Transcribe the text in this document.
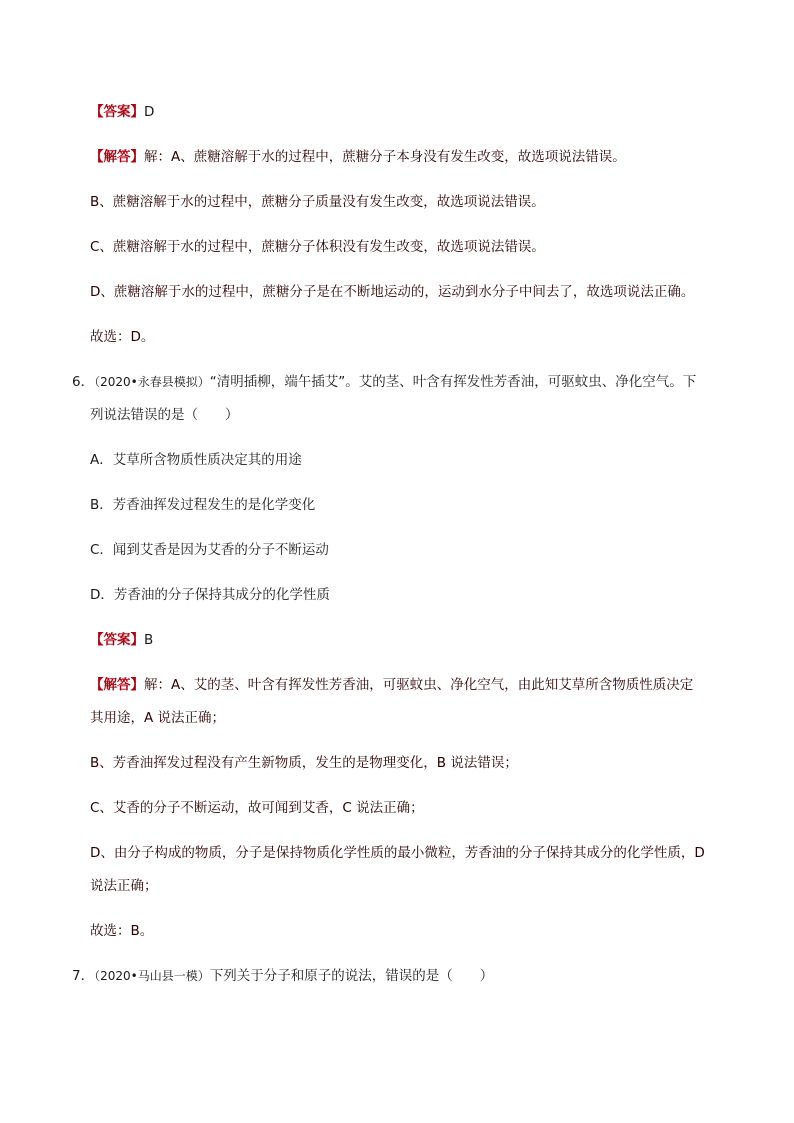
【答案】D
【解答】解：A、蔗糖溶解于水的过程中，蔗糖分子本身没有发生改变，故选项说法错误。
B、蔗糖溶解于水的过程中，蔗糖分子质量没有发生改变，故选项说法错误。
C、蔗糖溶解于水的过程中，蔗糖分子体积没有发生改变，故选项说法错误。
D、蔗糖溶解于水的过程中，蔗糖分子是在不断地运动的，运动到水分子中间去了，故选项说法正确。
故选：D。
6．（2020•永春县模拟）“清明插柳，端午插艾”。艾的茎、叶含有挥发性芳香油，可驱蚊虫、净化空气。下
列说法错误的是（　　）
A．艾草所含物质性质决定其的用途
B．芳香油挥发过程发生的是化学变化
C．闻到艾香是因为艾香的分子不断运动
D．芳香油的分子保持其成分的化学性质
【答案】B
【解答】解：A、艾的茎、叶含有挥发性芳香油，可驱蚊虫、净化空气，由此知艾草所含物质性质决定
其用途，A 说法正确；
B、芳香油挥发过程没有产生新物质，发生的是物理变化，B 说法错误；
C、艾香的分子不断运动，故可闻到艾香，C 说法正确；
D、由分子构成的物质，分子是保持物质化学性质的最小微粒，芳香油的分子保持其成分的化学性质，D
说法正确；
故选：B。
7．（2020•马山县一模）下列关于分子和原子的说法，错误的是（　　）
